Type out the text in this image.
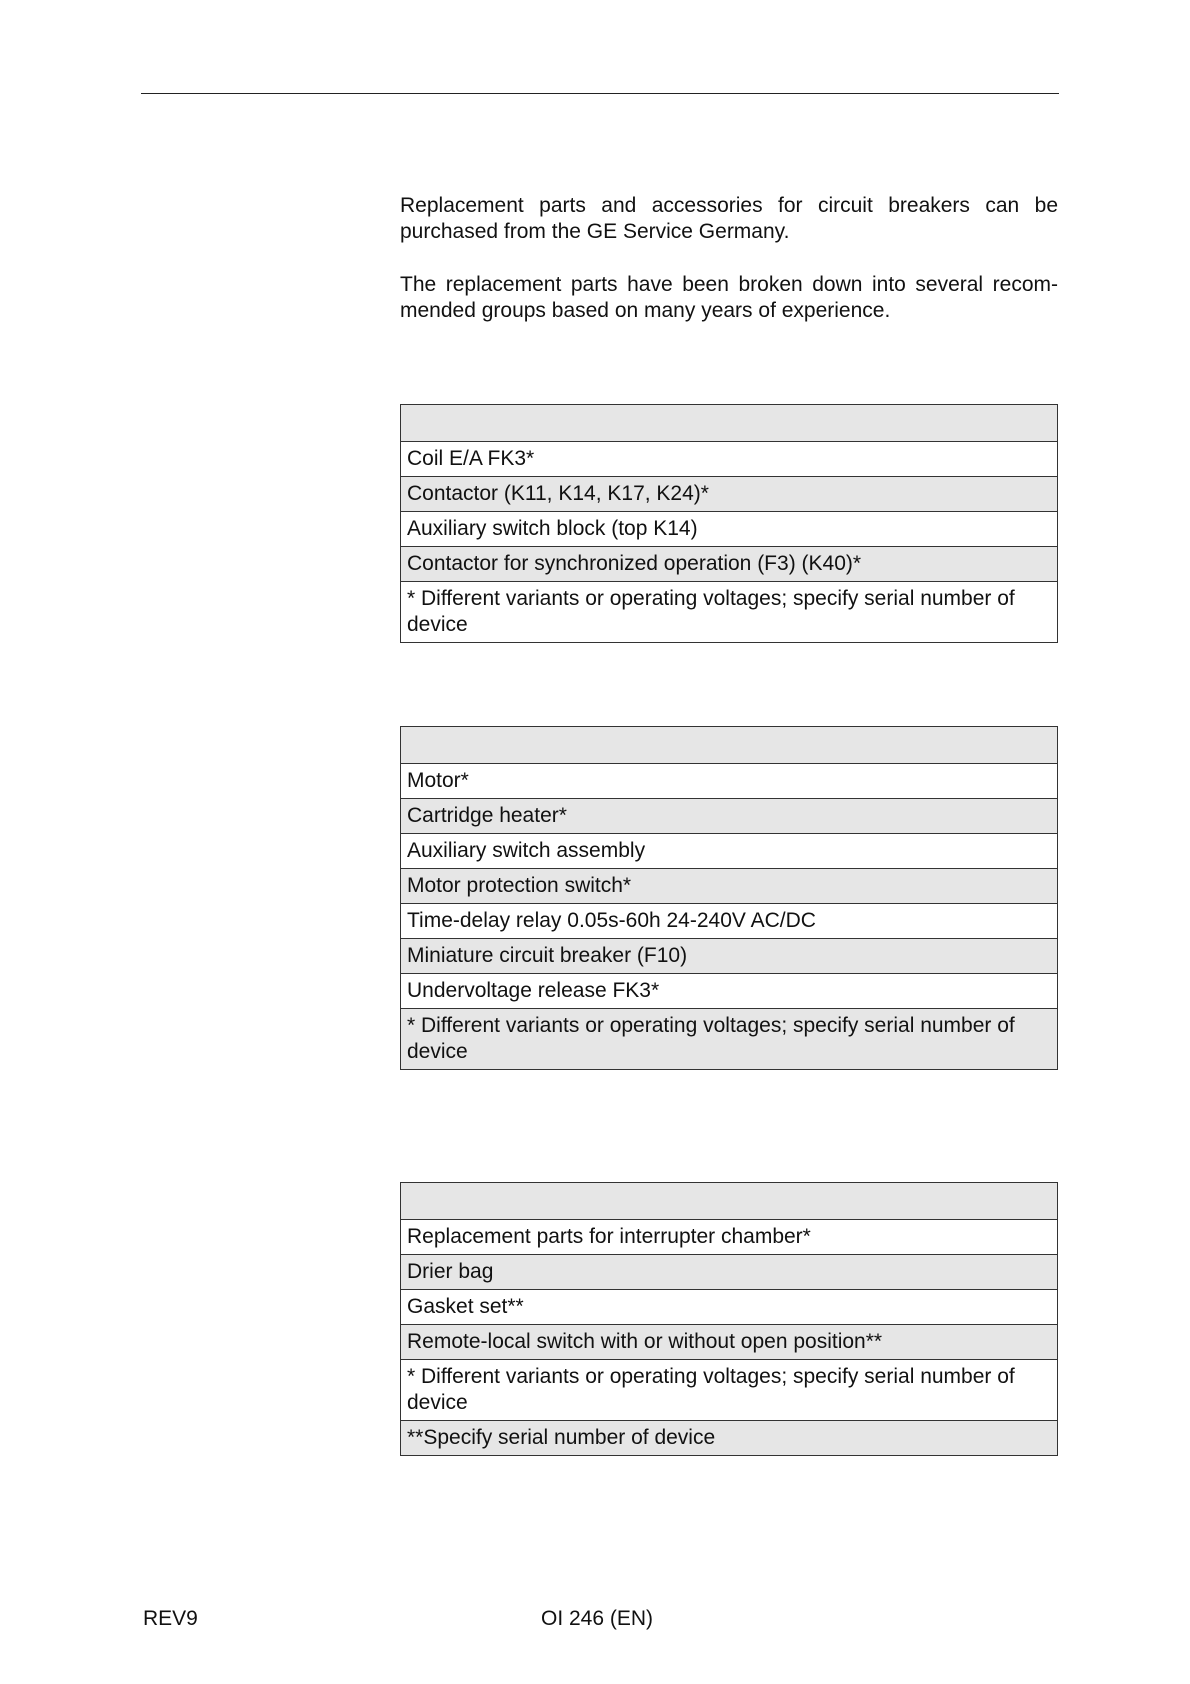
Replacement parts and accessories for circuit breakers can be purchased from the GE Service Germany.

The replacement parts have been broken down into several recom-mended groups based on many years of experience.

Coil E/A FK3*
Contactor (K11, K14, K17, K24)*
Auxiliary switch block (top K14)
Contactor for synchronized operation (F3) (K40)*
* Different variants or operating voltages; specify serial number of device

Motor*
Cartridge heater*
Auxiliary switch assembly
Motor protection switch*
Time-delay relay 0.05s-60h 24-240V AC/DC
Miniature circuit breaker (F10)
Undervoltage release FK3*
* Different variants or operating voltages; specify serial number of device

Replacement parts for interrupter chamber*
Drier bag
Gasket set**
Remote-local switch with or without open position**
* Different variants or operating voltages; specify serial number of device
**Specify serial number of device
REV9	OI 246 (EN)
